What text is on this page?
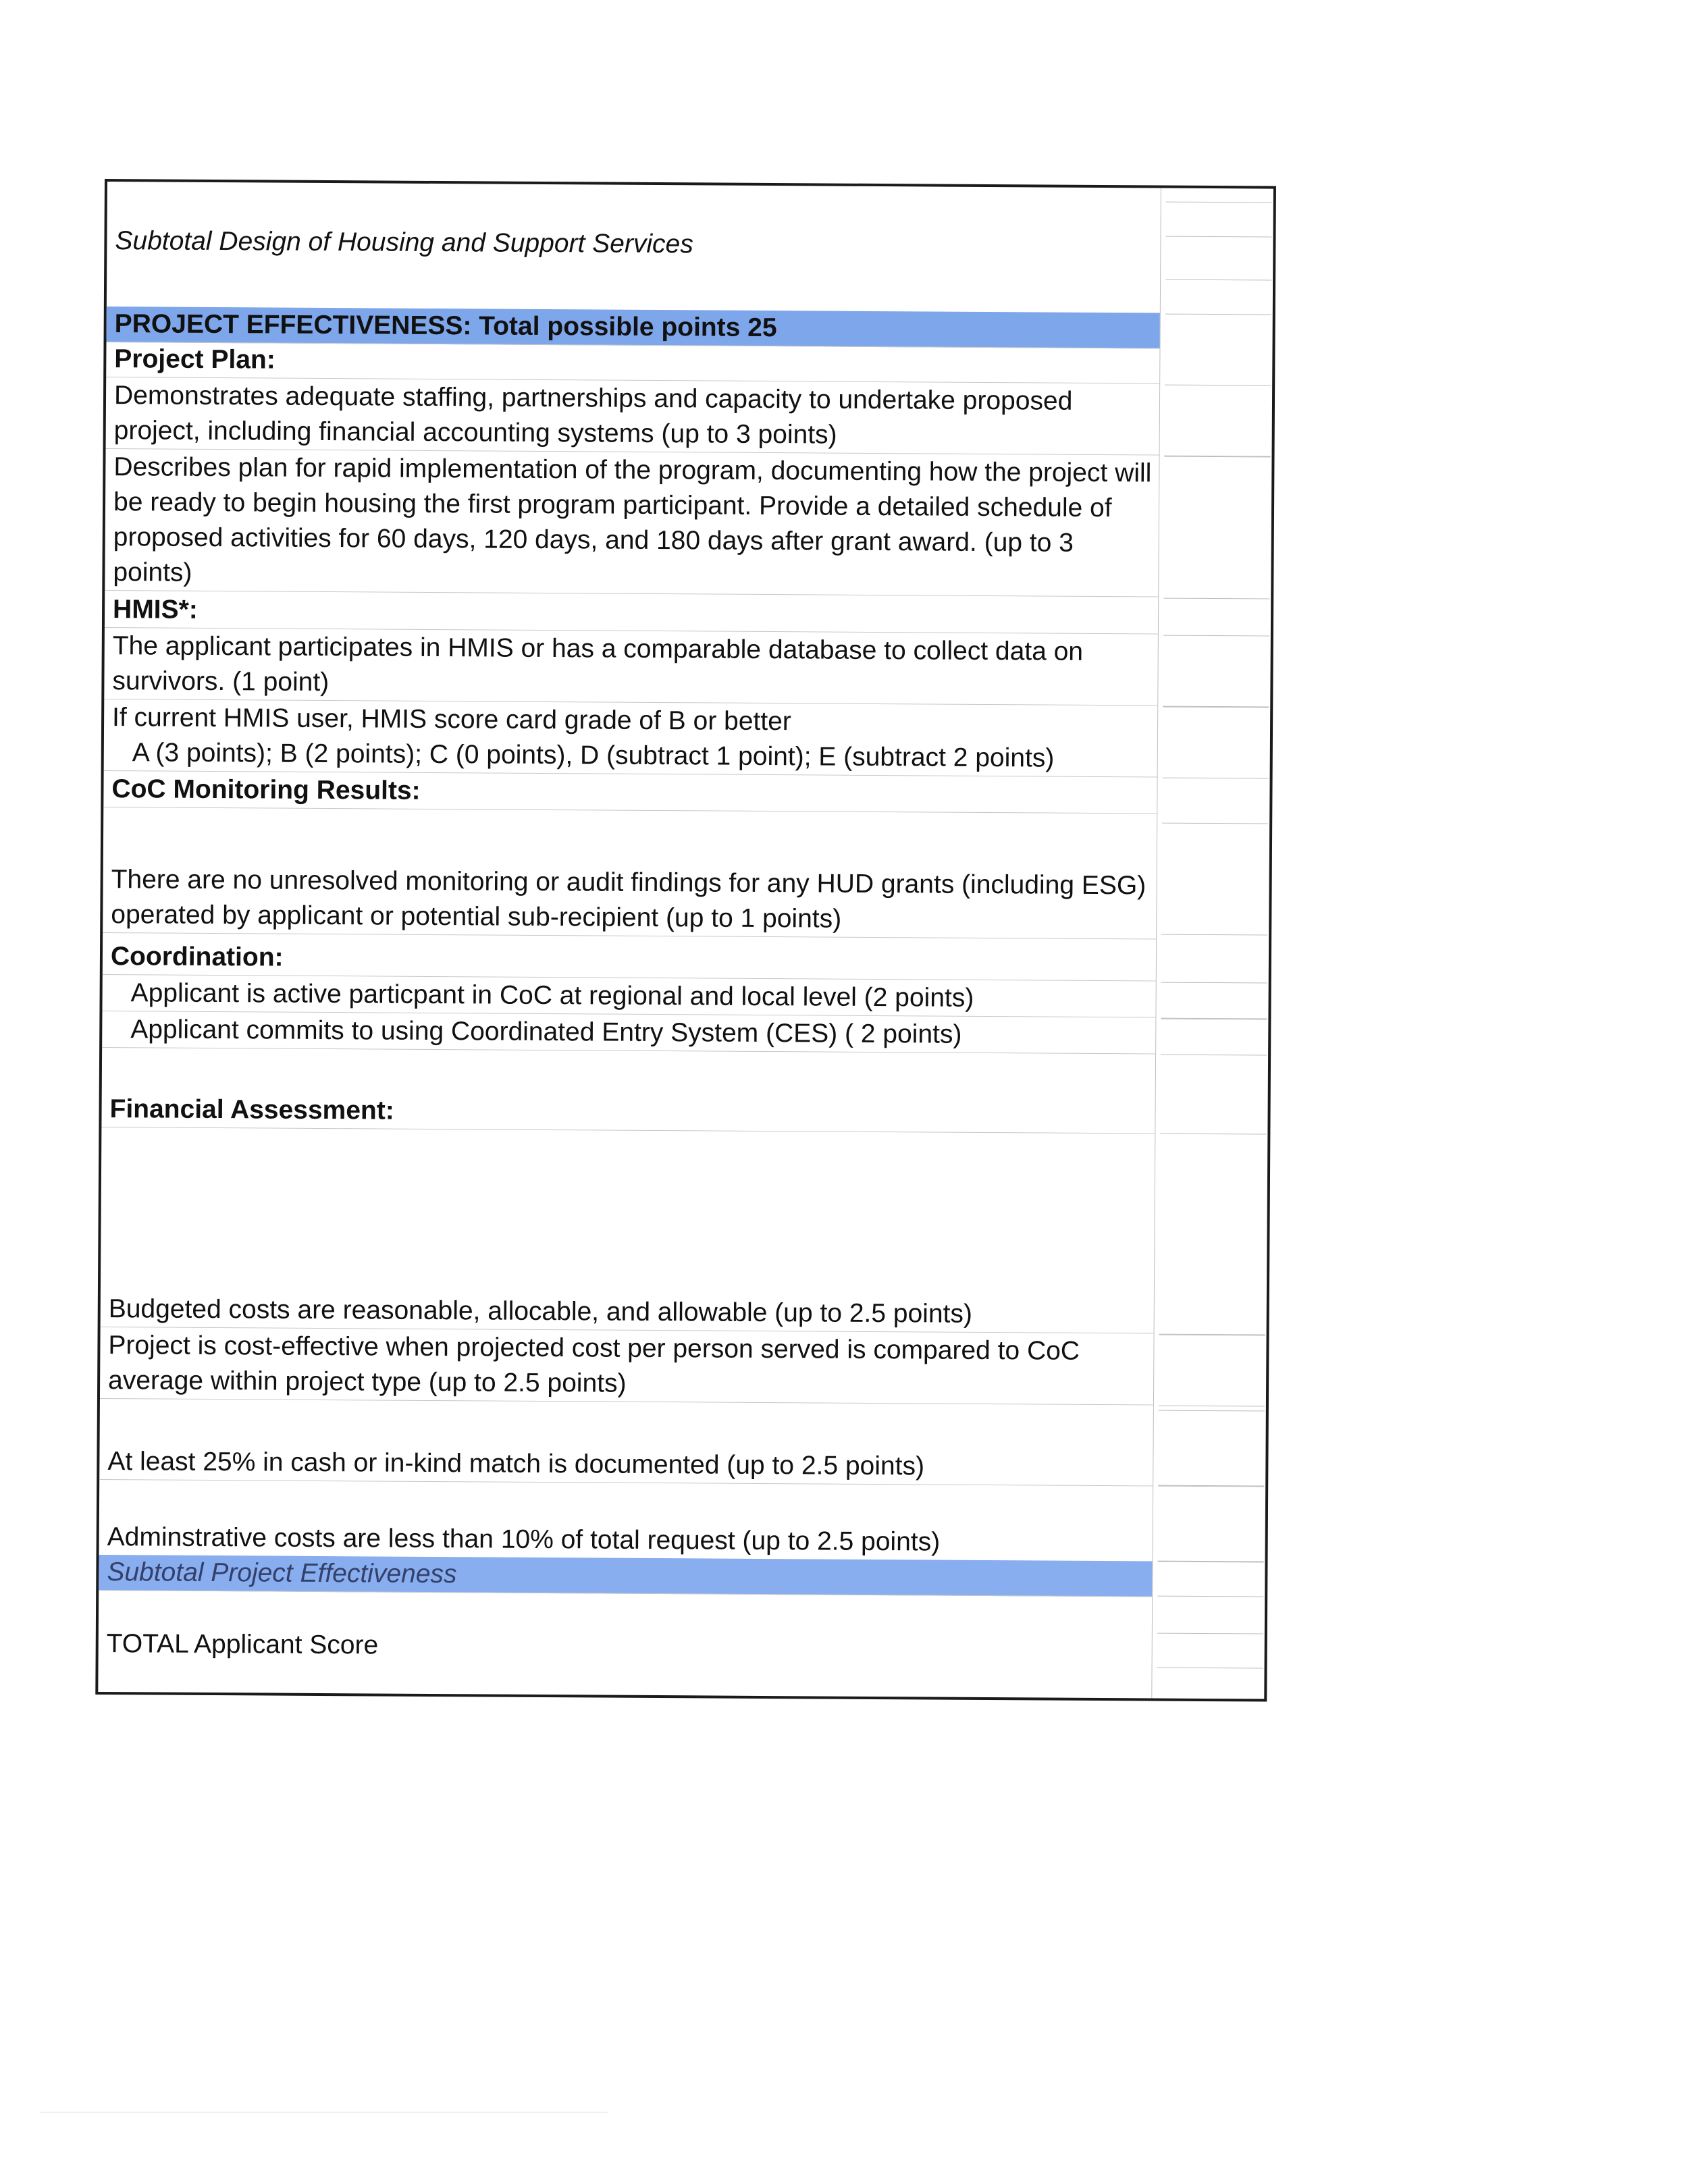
Subtotal Design of Housing and Support Services
PROJECT EFFECTIVENESS: Total possible points 25
Project Plan:
Demonstrates adequate staffing, partnerships and capacity to undertake proposed project, including financial accounting systems (up to 3 points)
Describes plan for rapid implementation of the program, documenting how the project will be ready to begin housing the first program participant. Provide a detailed schedule of proposed activities for 60 days, 120 days, and 180 days after grant award. (up to 3 points)
HMIS*:
The applicant participates in HMIS or has a comparable database to collect data on survivors. (1 point)
If current HMIS user, HMIS score card grade of B or better
A (3 points); B (2 points); C (0 points), D (subtract 1 point); E (subtract 2 points)
CoC Monitoring Results:
There are no unresolved monitoring or audit findings for any HUD grants (including ESG) operated by applicant or potential sub-recipient (up to 1 points)
Coordination:
Applicant is active particpant in CoC at regional and local level (2 points)
Applicant commits to using Coordinated Entry System (CES) ( 2 points)
Financial Assessment:
Budgeted costs are reasonable, allocable, and allowable (up to 2.5 points)
Project is cost-effective when projected cost per person served is compared to CoC average within project type (up to 2.5 points)
At least 25% in cash or in-kind match is documented (up to 2.5 points)
Adminstrative costs are less than 10% of total request (up to 2.5 points)
Subtotal Project Effectiveness
TOTAL Applicant Score
